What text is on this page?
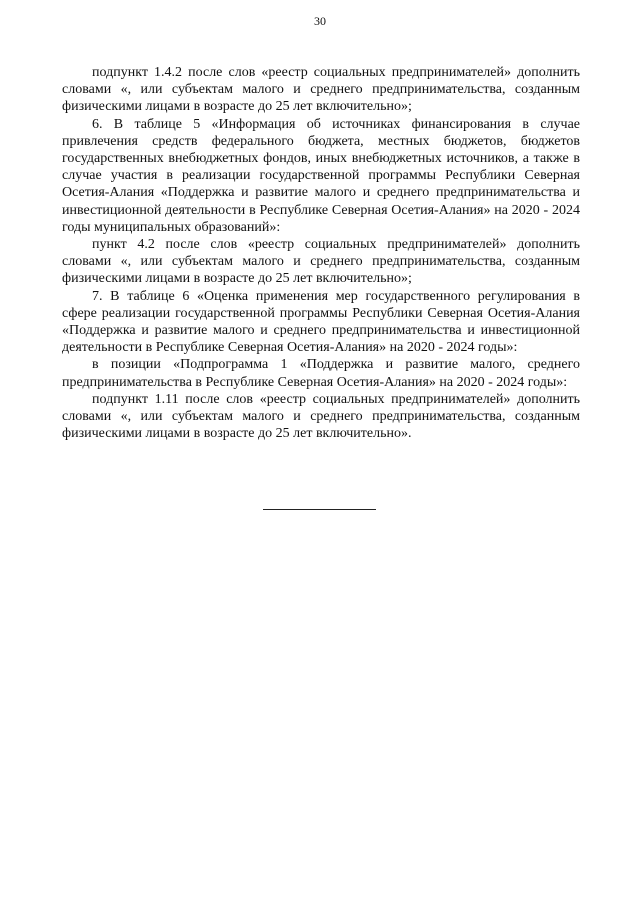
30

подпункт 1.4.2 после слов «реестр социальных предпринимателей» дополнить словами «, или субъектам малого и среднего предпринимательства, созданным физическими лицами в возрасте до 25 лет включительно»;

6. В таблице 5 «Информация об источниках финансирования в случае привлечения средств федерального бюджета, местных бюджетов, бюджетов государственных внебюджетных фондов, иных внебюджетных источников, а также в случае участия в реализации государственной программы Республики Северная Осетия-Алания «Поддержка и развитие малого и среднего предпринимательства и инвестиционной деятельности в Республике Северная Осетия-Алания» на 2020 - 2024 годы муниципальных образований»:

пункт 4.2 после слов «реестр социальных предпринимателей» дополнить словами «, или субъектам малого и среднего предпринимательства, созданным физическими лицами в возрасте до 25 лет включительно»;

7. В таблице 6 «Оценка применения мер государственного регулирования в сфере реализации государственной программы Республики Северная Осетия-Алания «Поддержка и развитие малого и среднего предпринимательства и инвестиционной деятельности в Республике Северная Осетия-Алания» на 2020 - 2024 годы»:

в позиции «Подпрограмма 1 «Поддержка и развитие малого, среднего предпринимательства в Республике Северная Осетия-Алания» на 2020 - 2024 годы»:

подпункт 1.11 после слов «реестр социальных предпринимателей» дополнить словами «, или субъектам малого и среднего предпринимательства, созданным физическими лицами в возрасте до 25 лет включительно».
